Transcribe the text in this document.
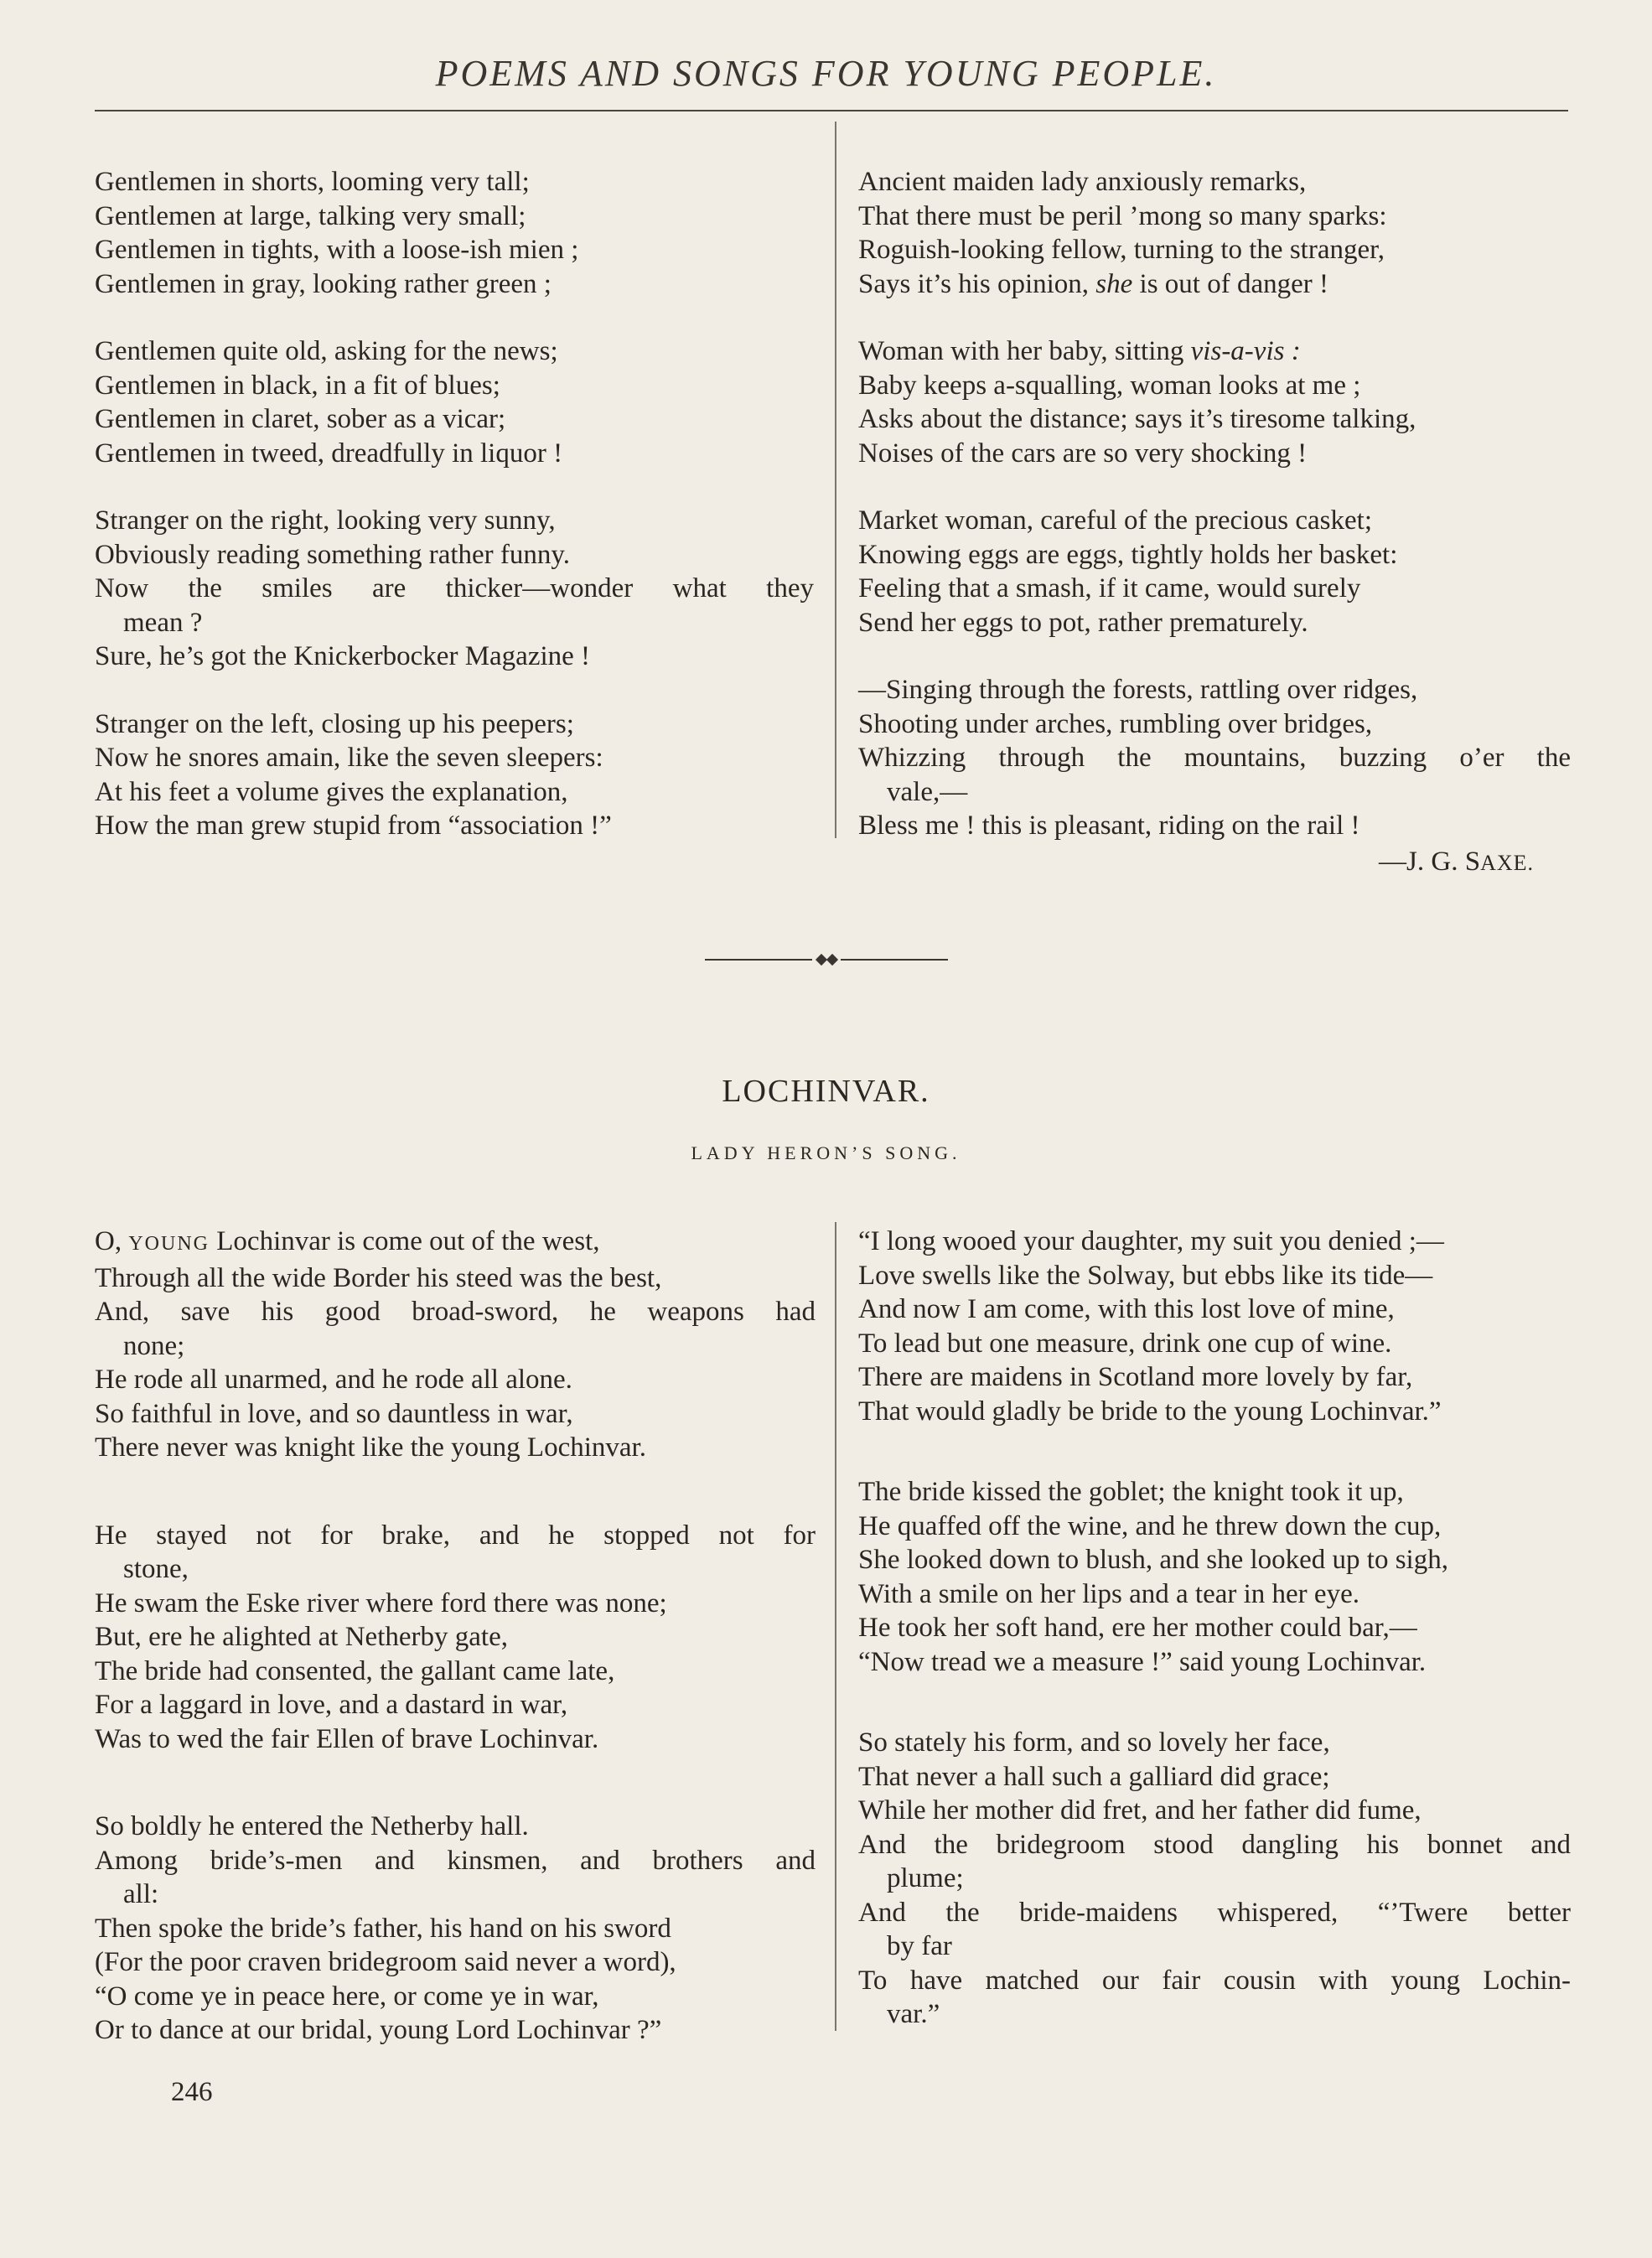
POEMS AND SONGS FOR YOUNG PEOPLE.
Gentlemen in shorts, looming very tall;
Gentlemen at large, talking very small;
Gentlemen in tights, with a loose-ish mien ;
Gentlemen in gray, looking rather green ;
Gentlemen quite old, asking for the news;
Gentlemen in black, in a fit of blues;
Gentlemen in claret, sober as a vicar;
Gentlemen in tweed, dreadfully in liquor !
Stranger on the right, looking very sunny,
Obviously reading something rather funny.
Now the smiles are thicker—wonder what they
mean ?
Sure, he’s got the Knickerbocker Magazine !
Stranger on the left, closing up his peepers;
Now he snores amain, like the seven sleepers:
At his feet a volume gives the explanation,
How the man grew stupid from “association !”
Ancient maiden lady anxiously remarks,
That there must be peril ’mong so many sparks:
Roguish-looking fellow, turning to the stranger,
Says it’s his opinion, she is out of danger !
Woman with her baby, sitting vis-a-vis :
Baby keeps a-squalling, woman looks at me ;
Asks about the distance; says it’s tiresome talking,
Noises of the cars are so very shocking !
Market woman, careful of the precious casket;
Knowing eggs are eggs, tightly holds her basket:
Feeling that a smash, if it came, would surely
Send her eggs to pot, rather prematurely.
—Singing through the forests, rattling over ridges,
Shooting under arches, rumbling over bridges,
Whizzing through the mountains, buzzing o’er the
vale,—
Bless me ! this is pleasant, riding on the rail !
—J. G. SAXE.
LOCHINVAR.
LADY HERON’S SONG.
O, YOUNG Lochinvar is come out of the west,
Through all the wide Border his steed was the best,
And, save his good broad-sword, he weapons had
none;
He rode all unarmed, and he rode all alone.
So faithful in love, and so dauntless in war,
There never was knight like the young Lochinvar.
He stayed not for brake, and he stopped not for
stone,
He swam the Eske river where ford there was none;
But, ere he alighted at Netherby gate,
The bride had consented, the gallant came late,
For a laggard in love, and a dastard in war,
Was to wed the fair Ellen of brave Lochinvar.
So boldly he entered the Netherby hall.
Among bride’s-men and kinsmen, and brothers and
all:
Then spoke the bride’s father, his hand on his sword
(For the poor craven bridegroom said never a word),
“O come ye in peace here, or come ye in war,
Or to dance at our bridal, young Lord Lochinvar ?”
“I long wooed your daughter, my suit you denied ;—
Love swells like the Solway, but ebbs like its tide—
And now I am come, with this lost love of mine,
To lead but one measure, drink one cup of wine.
There are maidens in Scotland more lovely by far,
That would gladly be bride to the young Lochinvar.”
The bride kissed the goblet; the knight took it up,
He quaffed off the wine, and he threw down the cup,
She looked down to blush, and she looked up to sigh,
With a smile on her lips and a tear in her eye.
He took her soft hand, ere her mother could bar,—
“Now tread we a measure !” said young Lochinvar.
So stately his form, and so lovely her face,
That never a hall such a galliard did grace;
While her mother did fret, and her father did fume,
And the bridegroom stood dangling his bonnet and
plume;
And the bride-maidens whispered, “’Twere better
by far
To have matched our fair cousin with young Lochin-
var.”
246
